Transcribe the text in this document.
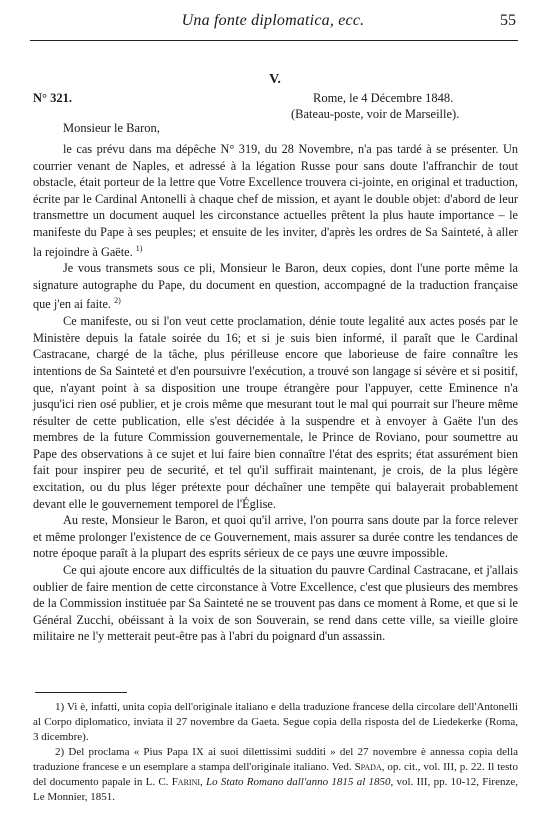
Una fonte diplomatica, ecc.	55
V.
N° 321.	Rome, le 4 Décembre 1848.
(Bateau-poste, voir de Marseille).
Monsieur le Baron,

le cas prévu dans ma dépêche N° 319, du 28 Novembre, n'a pas tardé à se présenter. Un courrier venant de Naples, et adressé à la légation Russe pour sans doute l'affranchir de tout obstacle, était porteur de la lettre que Votre Excellence trouvera ci-jointe, en original et traduction, écrite par le Cardinal Antonelli à chaque chef de mission, et ayant le double objet: d'abord de leur transmettre un document auquel les circonstance actuelles prêtent la plus haute importance – le manifeste du Pape à ses peuples; et ensuite de les inviter, d'après les ordres de Sa Sainteté, à aller la rejoindre à Gaëte. $^{1)}$

Je vous transmets sous ce pli, Monsieur le Baron, deux copies, dont l'une porte même la signature autographe du Pape, du document en question, accompagné de la traduction française que j'en ai faite. $^{2)}$

Ce manifeste, ou si l'on veut cette proclamation, dénie toute legalité aux actes posés par le Ministère depuis la fatale soirée du 16; et si je suis bien informé, il paraît que le Cardinal Castracane, chargé de la tâche, plus périlleuse encore que laborieuse de faire connaître les intentions de Sa Sainteté et d'en poursuivre l'exécution, a trouvé son langage si sévère et si positif, que, n'ayant point à sa disposition une troupe étrangère pour l'appuyer, cette Eminence n'a jusqu'ici rien osé publier, et je crois même que mesurant tout le mal qui pourrait sur l'heure même résulter de cette publication, elle s'est décidée à la suspendre et à envoyer à Gaëte l'un des membres de la future Commission gouvernementale, le Prince de Roviano, pour soumettre au Pape des observations à ce sujet et lui faire bien connaître l'état des esprits; état assurément bien fait pour inspirer peu de securité, et tel qu'il suffirait maintenant, je crois, de la plus légère excitation, ou du plus léger prétexte pour déchaîner une tempête qui balayerait probablement devant elle le gouvernement temporel de l'Église.

Au reste, Monsieur le Baron, et quoi qu'il arrive, l'on pourra sans doute par la force relever et même prolonger l'existence de ce Gouvernement, mais assurer sa durée contre les tendances de notre époque paraît à la plupart des esprits sérieux de ce pays une œuvre impossible.

Ce qui ajoute encore aux difficultés de la situation du pauvre Cardinal Castracane, et j'allais oublier de faire mention de cette circonstance à Votre Excellence, c'est que plusieurs des membres de la Commission instituée par Sa Sainteté ne se trouvent pas dans ce moment à Rome, et que si le Général Zucchi, obéissant à la voix de son Souverain, se rend dans cette ville, sa vieille gloire militaire ne l'y metterait peut-être pas à l'abri du poignard d'un assassin.

1) Vi è, infatti, unita copia dell'originale italiano e della traduzione francese della circolare dell'Antonelli al Corpo diplomatico, inviata il 27 novembre da Gaeta. Segue copia della risposta del de Liedekerke (Roma, 3 dicembre).

2) Del proclama « Pius Papa IX ai suoi dilettissimi sudditi » del 27 novembre è annessa copia della traduzione francese e un esemplare a stampa dell'originale italiano. Ved. Spada, op. cit., vol. III, p. 22. Il testo del documento papale in L. C. Farini, Lo Stato Romano dall'anno 1815 al 1850, vol. III, pp. 10-12, Firenze, Le Monnier, 1851.
